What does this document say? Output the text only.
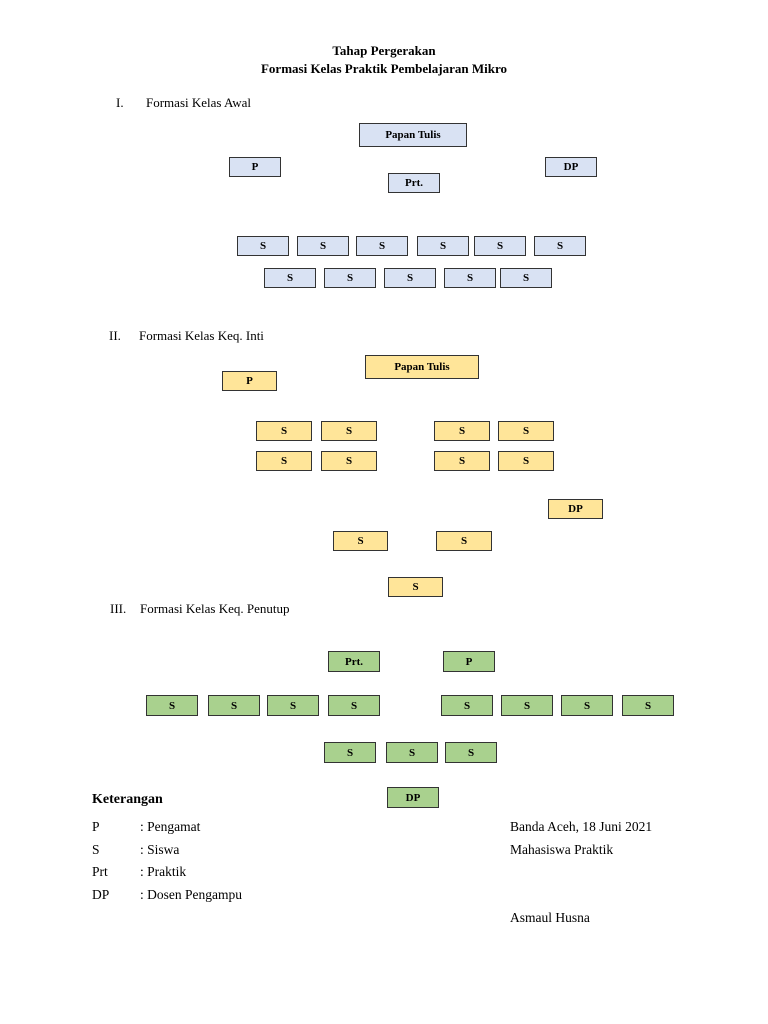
Tahap Pergerakan
Formasi Kelas Praktik Pembelajaran Mikro
I. Formasi Kelas Awal
Papan Tulis
P	DP
Prt.
S	S	S	S	S	S
S	S	S	S	S
II. Formasi Kelas Keq. Inti
Papan Tulis
P
S	S	S	S
S	S	S	S
DP
S	S
S
III. Formasi Kelas Keq. Penutup
Prt.	P
S	S	S	S	S	S	S	S
S	S	S
DP
Keterangan
P	: Pengamat
S	: Siswa
Prt : Praktik
DP : Dosen Pengampu
Banda Aceh, 18 Juni 2021
Mahasiswa Praktik
Asmaul Husna
